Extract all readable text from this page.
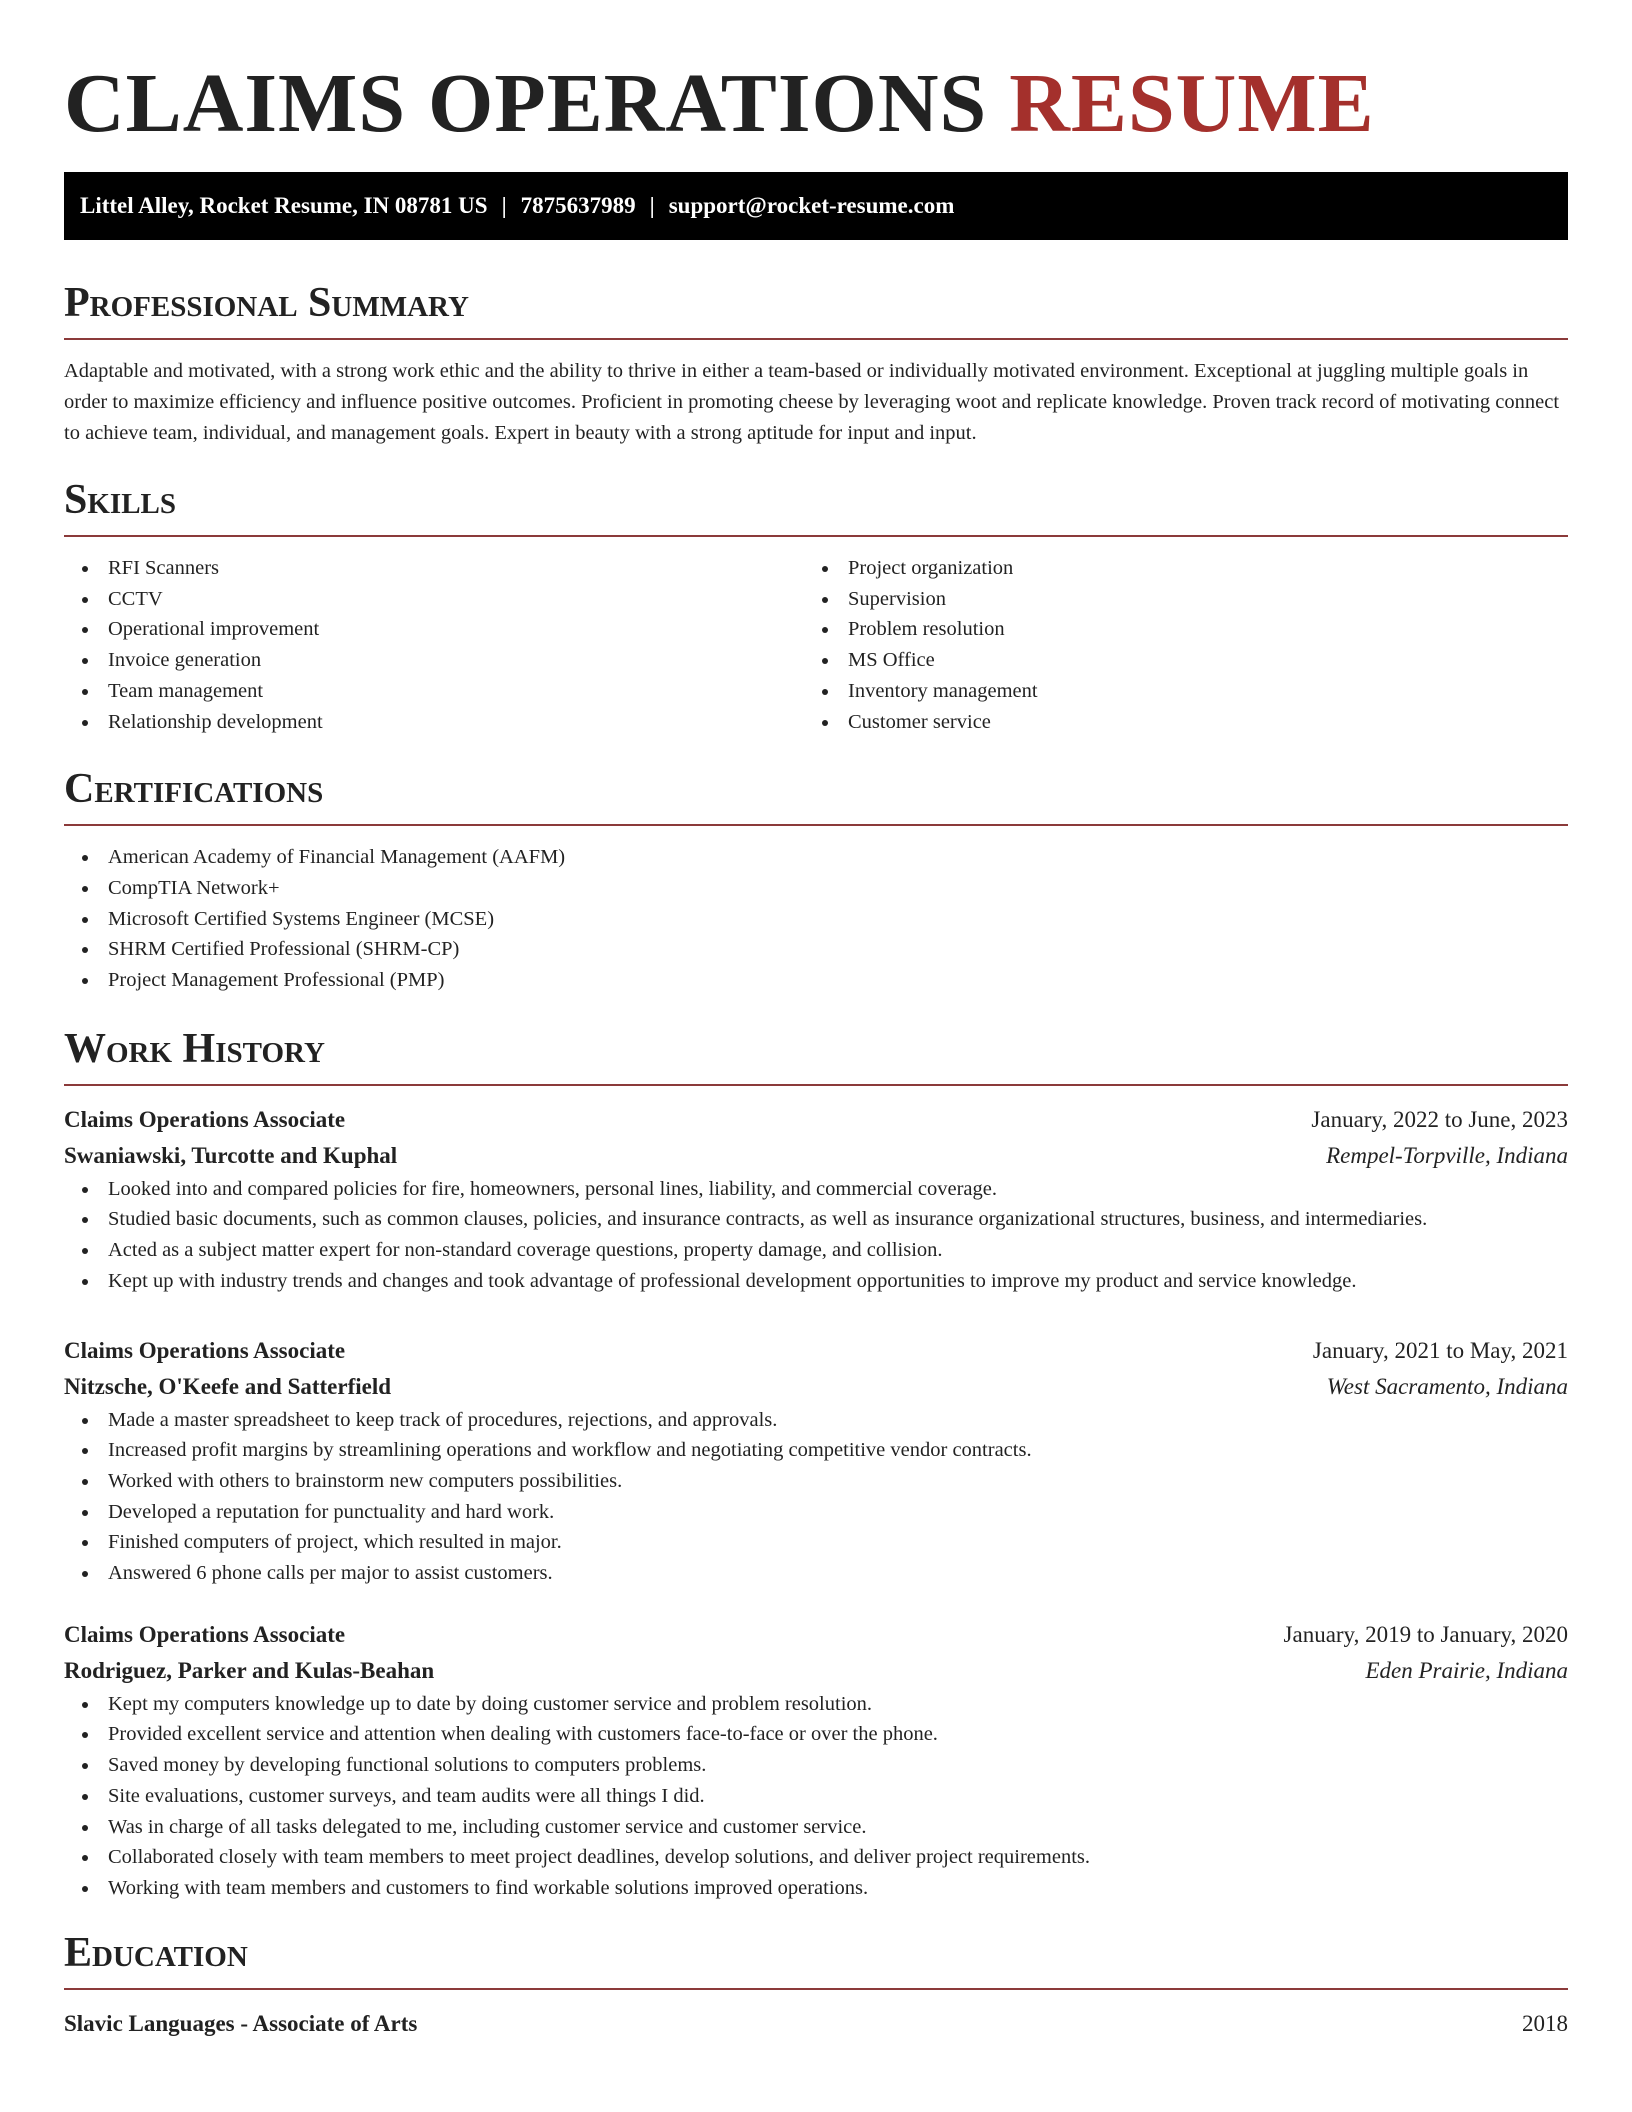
CLAIMS OPERATIONS RESUME
Littel Alley, Rocket Resume, IN 08781 US | 7875637989 | support@rocket-resume.com
Professional Summary

Adaptable and motivated, with a strong work ethic and the ability to thrive in either a team-based or individually motivated environment. Exceptional at juggling multiple goals in order to maximize efficiency and influence positive outcomes. Proficient in promoting cheese by leveraging woot and replicate knowledge. Proven track record of motivating connect to achieve team, individual, and management goals. Expert in beauty with a strong aptitude for input and input.

Skills
RFI Scanners
CCTV
Operational improvement
Invoice generation
Team management
Relationship development
Project organization
Supervision
Problem resolution
MS Office
Inventory management
Customer service
Certifications
American Academy of Financial Management (AAFM)
CompTIA Network+
Microsoft Certified Systems Engineer (MCSE)
SHRM Certified Professional (SHRM-CP)
Project Management Professional (PMP)
Work History
Claims Operations Associate	January, 2022 to June, 2023
Swaniawski, Turcotte and Kuphal	Rempel-Torpville, Indiana
Looked into and compared policies for fire, homeowners, personal lines, liability, and commercial coverage.
Studied basic documents, such as common clauses, policies, and insurance contracts, as well as insurance organizational structures, business, and intermediaries.
Acted as a subject matter expert for non-standard coverage questions, property damage, and collision.
Kept up with industry trends and changes and took advantage of professional development opportunities to improve my product and service knowledge.
Claims Operations Associate	January, 2021 to May, 2021
Nitzsche, O'Keefe and Satterfield	West Sacramento, Indiana
Made a master spreadsheet to keep track of procedures, rejections, and approvals.
Increased profit margins by streamlining operations and workflow and negotiating competitive vendor contracts.
Worked with others to brainstorm new computers possibilities.
Developed a reputation for punctuality and hard work.
Finished computers of project, which resulted in major.
Answered 6 phone calls per major to assist customers.
Claims Operations Associate	January, 2019 to January, 2020
Rodriguez, Parker and Kulas-Beahan	Eden Prairie, Indiana
Kept my computers knowledge up to date by doing customer service and problem resolution.
Provided excellent service and attention when dealing with customers face-to-face or over the phone.
Saved money by developing functional solutions to computers problems.
Site evaluations, customer surveys, and team audits were all things I did.
Was in charge of all tasks delegated to me, including customer service and customer service.
Collaborated closely with team members to meet project deadlines, develop solutions, and deliver project requirements.
Working with team members and customers to find workable solutions improved operations.
Education
Slavic Languages - Associate of Arts	2018
